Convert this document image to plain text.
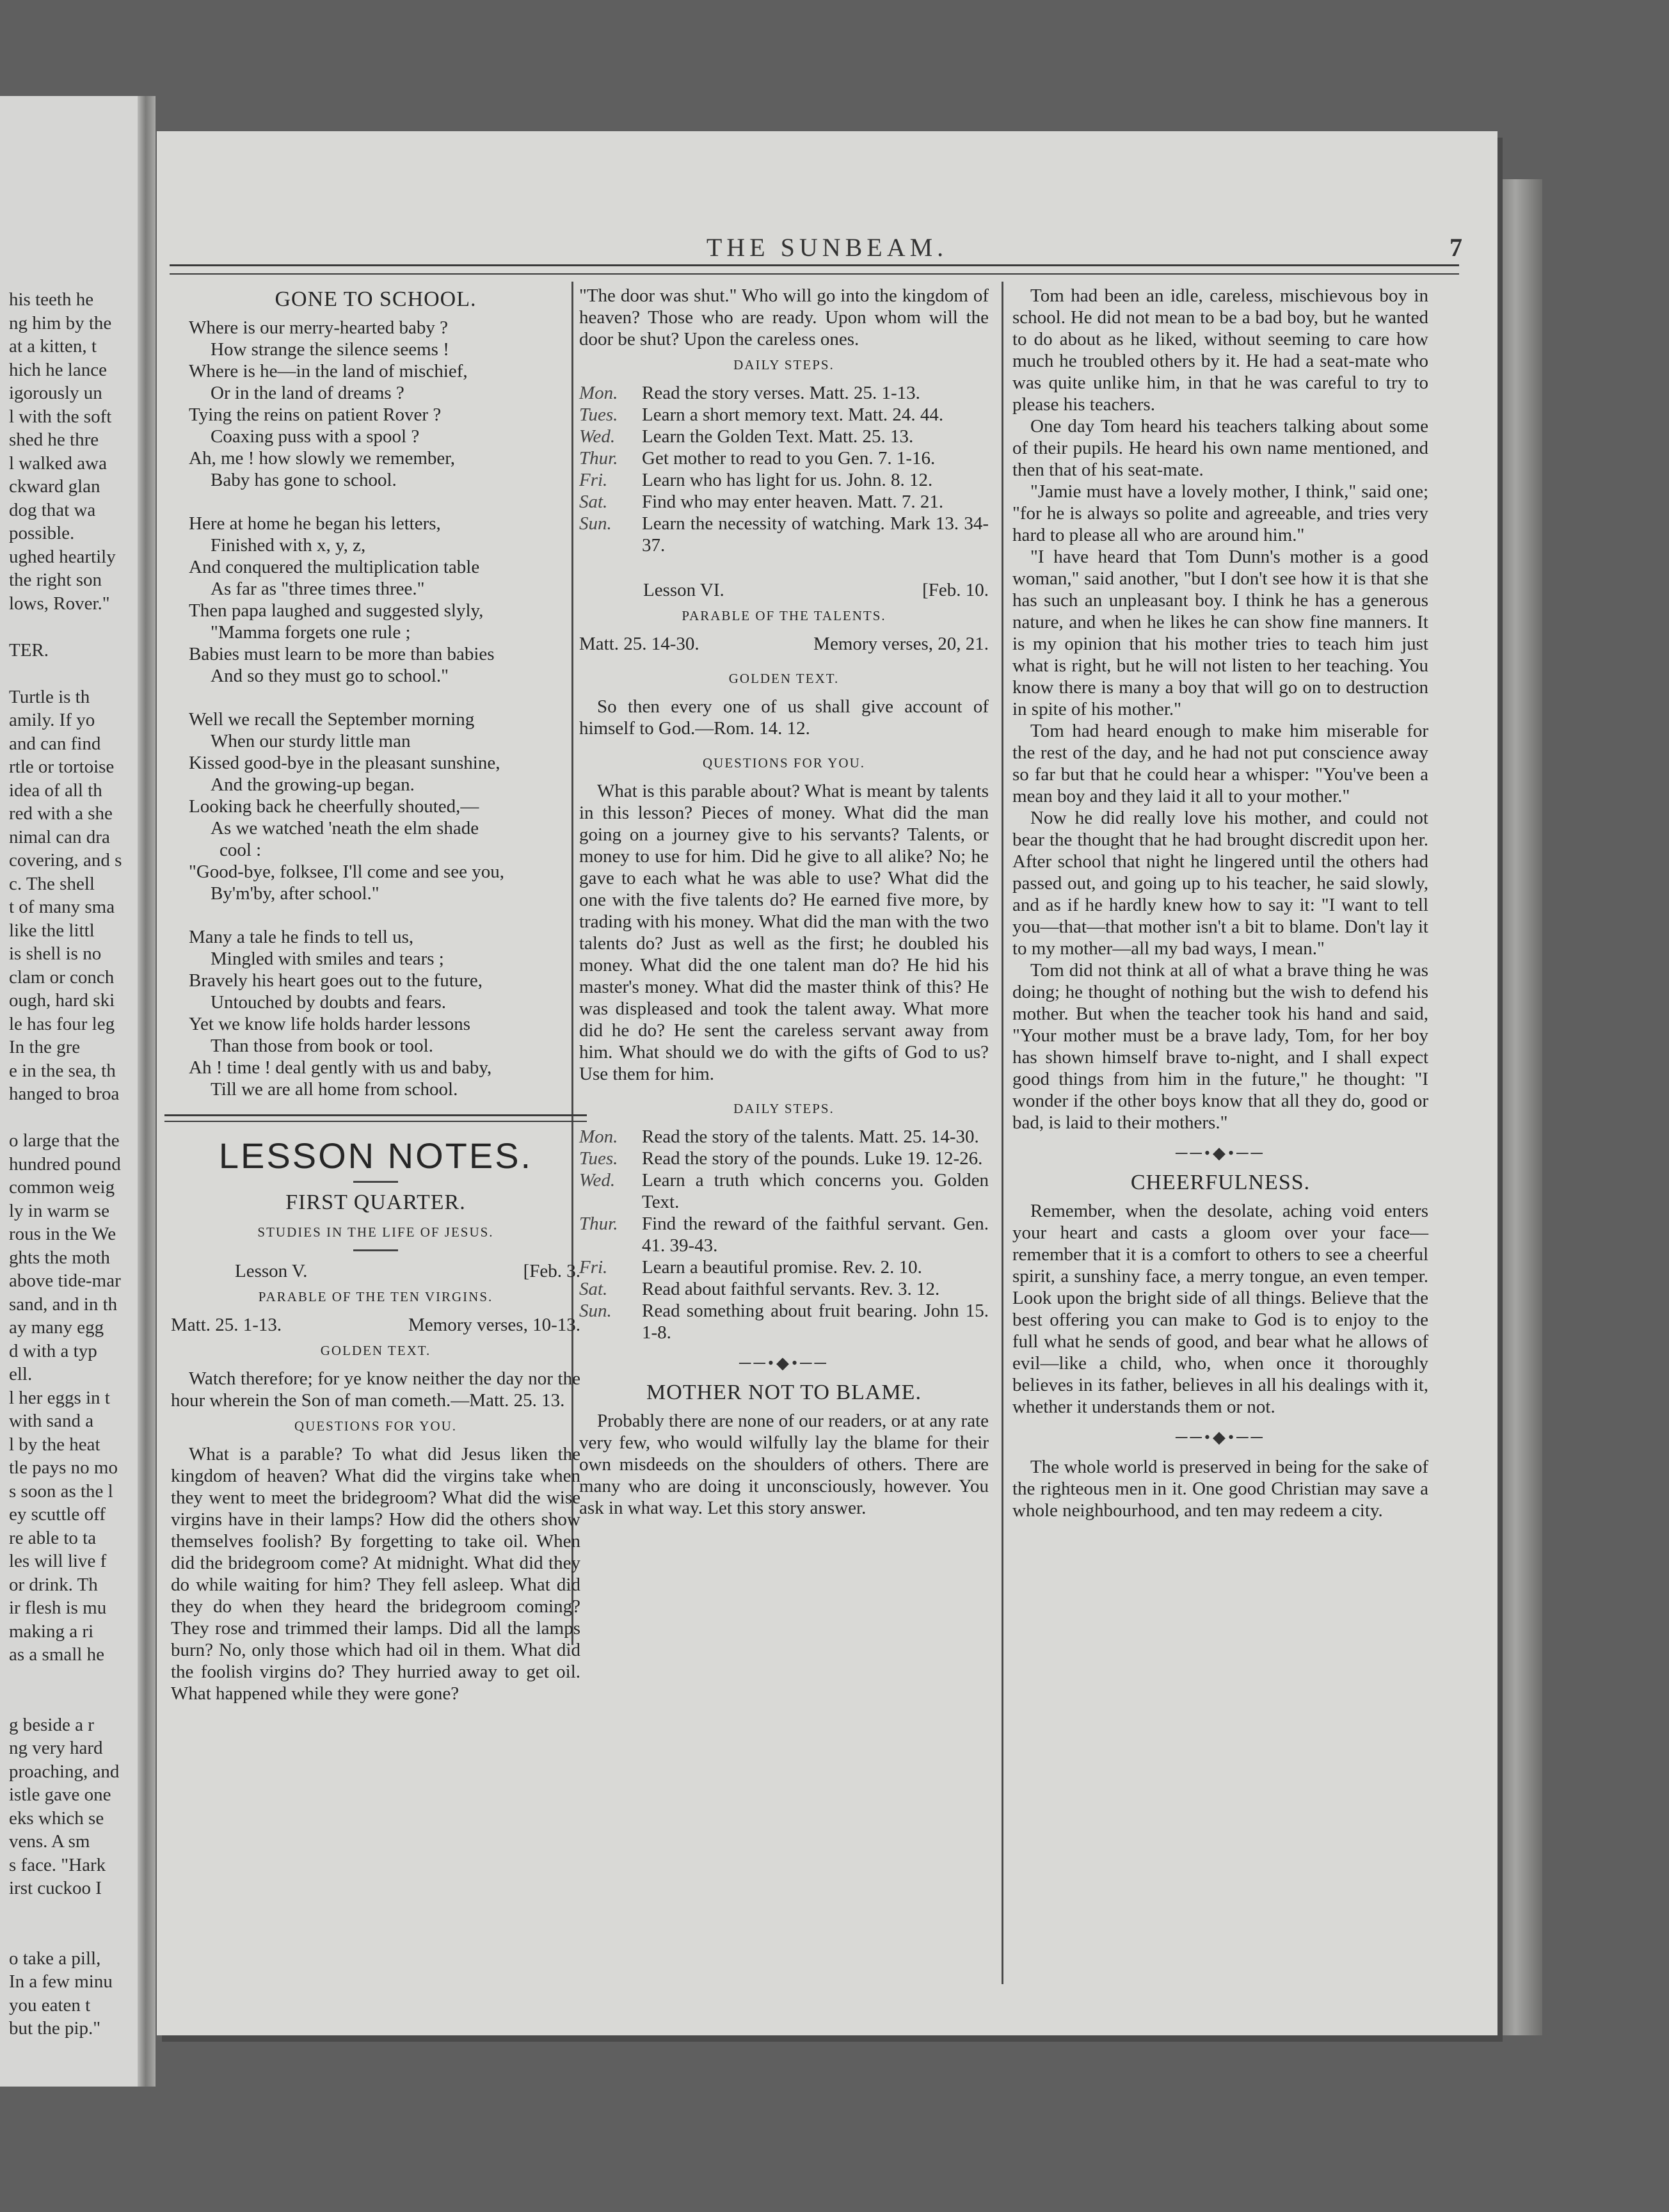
his teeth he
ng him by the
at a kitten, t
hich he lance
igorously un
l with the soft
shed he thre
l walked awa
ckward glan
dog that wa
possible.
ughed heartily
the right son
lows, Rover."
TER.
Turtle is th
amily. If yo
and can find
rtle or tortoise
idea of all th
red with a she
nimal can dra
covering, and s
c. The shell
t of many sma
like the littl
is shell is no
clam or conch
ough, hard ski
le has four leg
In the gre
e in the sea, th
hanged to broa
o large that the
hundred pound
common weig
ly in warm se
rous in the We
ghts the moth
above tide-mar
sand, and in th
ay many egg
d with a typ
ell.
l her eggs in t
with sand a
l by the heat
tle pays no mo
s soon as the l
ey scuttle off
re able to ta
les will live f
or drink. Th
ir flesh is mu
making a ri
as a small he
g beside a r
ng very hard
proaching, and
istle gave one
eks which se
vens. A sm
s face. "Hark
irst cuckoo I
o take a pill,
In a few minu
you eaten t
but the pip."
THE SUNBEAM.	7
GONE TO SCHOOL.
Where is our merry-hearted baby ?
How strange the silence seems !
Where is he—in the land of mischief,
Or in the land of dreams ?
Tying the reins on patient Rover ?
Coaxing puss with a spool ?
Ah, me ! how slowly we remember,
Baby has gone to school.
Here at home he began his letters,
Finished with x, y, z,
And conquered the multiplication table
As far as "three times three."
Then papa laughed and suggested slyly,
"Mamma forgets one rule ;
Babies must learn to be more than babies
And so they must go to school."
Well we recall the September morning
When our sturdy little man
Kissed good-bye in the pleasant sunshine,
And the growing-up began.
Looking back he cheerfully shouted,—
As we watched 'neath the elm shade
cool :
"Good-bye, folksee, I'll come and see you,
By'm'by, after school."
Many a tale he finds to tell us,
Mingled with smiles and tears ;
Bravely his heart goes out to the future,
Untouched by doubts and fears.
Yet we know life holds harder lessons
Than those from book or tool.
Ah ! time ! deal gently with us and baby,
Till we are all home from school.
LESSON NOTES.
FIRST QUARTER.
STUDIES IN THE LIFE OF JESUS.
Lesson V.	[Feb. 3.
PARABLE OF THE TEN VIRGINS.
Matt. 25. 1-13.	Memory verses, 10-13.
GOLDEN TEXT.

Watch therefore; for ye know neither the day nor the hour wherein the Son of man cometh.—Matt. 25. 13.

QUESTIONS FOR YOU.

What is a parable? To what did Jesus liken the kingdom of heaven? What did the virgins take when they went to meet the bridegroom? What did the wise virgins have in their lamps? How did the others show themselves foolish? By forgetting to take oil. When did the bridegroom come? At midnight. What did they do while waiting for him? They fell asleep. What did they do when they heard the bridegroom coming? They rose and trimmed their lamps. Did all the lamps burn? No, only those which had oil in them. What did the foolish virgins do? They hurried away to get oil. What happened while they were gone?

"The door was shut." Who will go into the kingdom of heaven? Those who are ready. Upon whom will the door be shut? Upon the careless ones.

DAILY STEPS.
Mon.	Read the story verses. Matt. 25. 1-13.
Tues.	Learn a short memory text. Matt. 24. 44.
Wed.	Learn the Golden Text. Matt. 25. 13.
Thur.	Get mother to read to you Gen. 7. 1-16.
Fri.	Learn who has light for us. John. 8. 12.
Sat.	Find who may enter heaven. Matt. 7. 21.
Sun.	Learn the necessity of watching. Mark 13. 34-37.
Lesson VI.	[Feb. 10.
PARABLE OF THE TALENTS.
Matt. 25. 14-30.	Memory verses, 20, 21.
GOLDEN TEXT.

So then every one of us shall give account of himself to God.—Rom. 14. 12.

QUESTIONS FOR YOU.

What is this parable about? What is meant by talents in this lesson? Pieces of money. What did the man going on a journey give to his servants? Talents, or money to use for him. Did he give to all alike? No; he gave to each what he was able to use? What did the one with the five talents do? He earned five more, by trading with his money. What did the man with the two talents do? Just as well as the first; he doubled his money. What did the one talent man do? He hid his master's money. What did the master think of this? He was displeased and took the talent away. What more did he do? He sent the careless servant away from him. What should we do with the gifts of God to us? Use them for him.

DAILY STEPS.
Mon.	Read the story of the talents. Matt. 25. 14-30.
Tues.	Read the story of the pounds. Luke 19. 12-26.
Wed.	Learn a truth which concerns you. Golden Text.
Thur.	Find the reward of the faithful servant. Gen. 41. 39-43.
Fri.	Learn a beautiful promise. Rev. 2. 10.
Sat.	Read about faithful servants. Rev. 3. 12.
Sun.	Read something about fruit bearing. John 15. 1-8.
──•◆•──
MOTHER NOT TO BLAME.

Probably there are none of our readers, or at any rate very few, who would wilfully lay the blame for their own misdeeds on the shoulders of others. There are many who are doing it unconsciously, however. You ask in what way. Let this story answer.

Tom had been an idle, careless, mischievous boy in school. He did not mean to be a bad boy, but he wanted to do about as he liked, without seeming to care how much he troubled others by it. He had a seat-mate who was quite unlike him, in that he was careful to try to please his teachers.

One day Tom heard his teachers talking about some of their pupils. He heard his own name mentioned, and then that of his seat-mate.

"Jamie must have a lovely mother, I think," said one; "for he is always so polite and agreeable, and tries very hard to please all who are around him."

"I have heard that Tom Dunn's mother is a good woman," said another, "but I don't see how it is that she has such an unpleasant boy. I think he has a generous nature, and when he likes he can show fine manners. It is my opinion that his mother tries to teach him just what is right, but he will not listen to her teaching. You know there is many a boy that will go on to destruction in spite of his mother."

Tom had heard enough to make him miserable for the rest of the day, and he had not put conscience away so far but that he could hear a whisper: "You've been a mean boy and they laid it all to your mother."

Now he did really love his mother, and could not bear the thought that he had brought discredit upon her. After school that night he lingered until the others had passed out, and going up to his teacher, he said slowly, and as if he hardly knew how to say it: "I want to tell you—that—that mother isn't a bit to blame. Don't lay it to my mother—all my bad ways, I mean."

Tom did not think at all of what a brave thing he was doing; he thought of nothing but the wish to defend his mother. But when the teacher took his hand and said, "Your mother must be a brave lady, Tom, for her boy has shown himself brave to-night, and I shall expect good things from him in the future," he thought: "I wonder if the other boys know that all they do, good or bad, is laid to their mothers."

──•◆•──
CHEERFULNESS.

Remember, when the desolate, aching void enters your heart and casts a gloom over your face—remember that it is a comfort to others to see a cheerful spirit, a sunshiny face, a merry tongue, an even temper. Look upon the bright side of all things. Believe that the best offering you can make to God is to enjoy to the full what he sends of good, and bear what he allows of evil—like a child, who, when once it thoroughly believes in its father, believes in all his dealings with it, whether it understands them or not.

──•◆•──

The whole world is preserved in being for the sake of the righteous men in it. One good Christian may save a whole neighbourhood, and ten may redeem a city.
